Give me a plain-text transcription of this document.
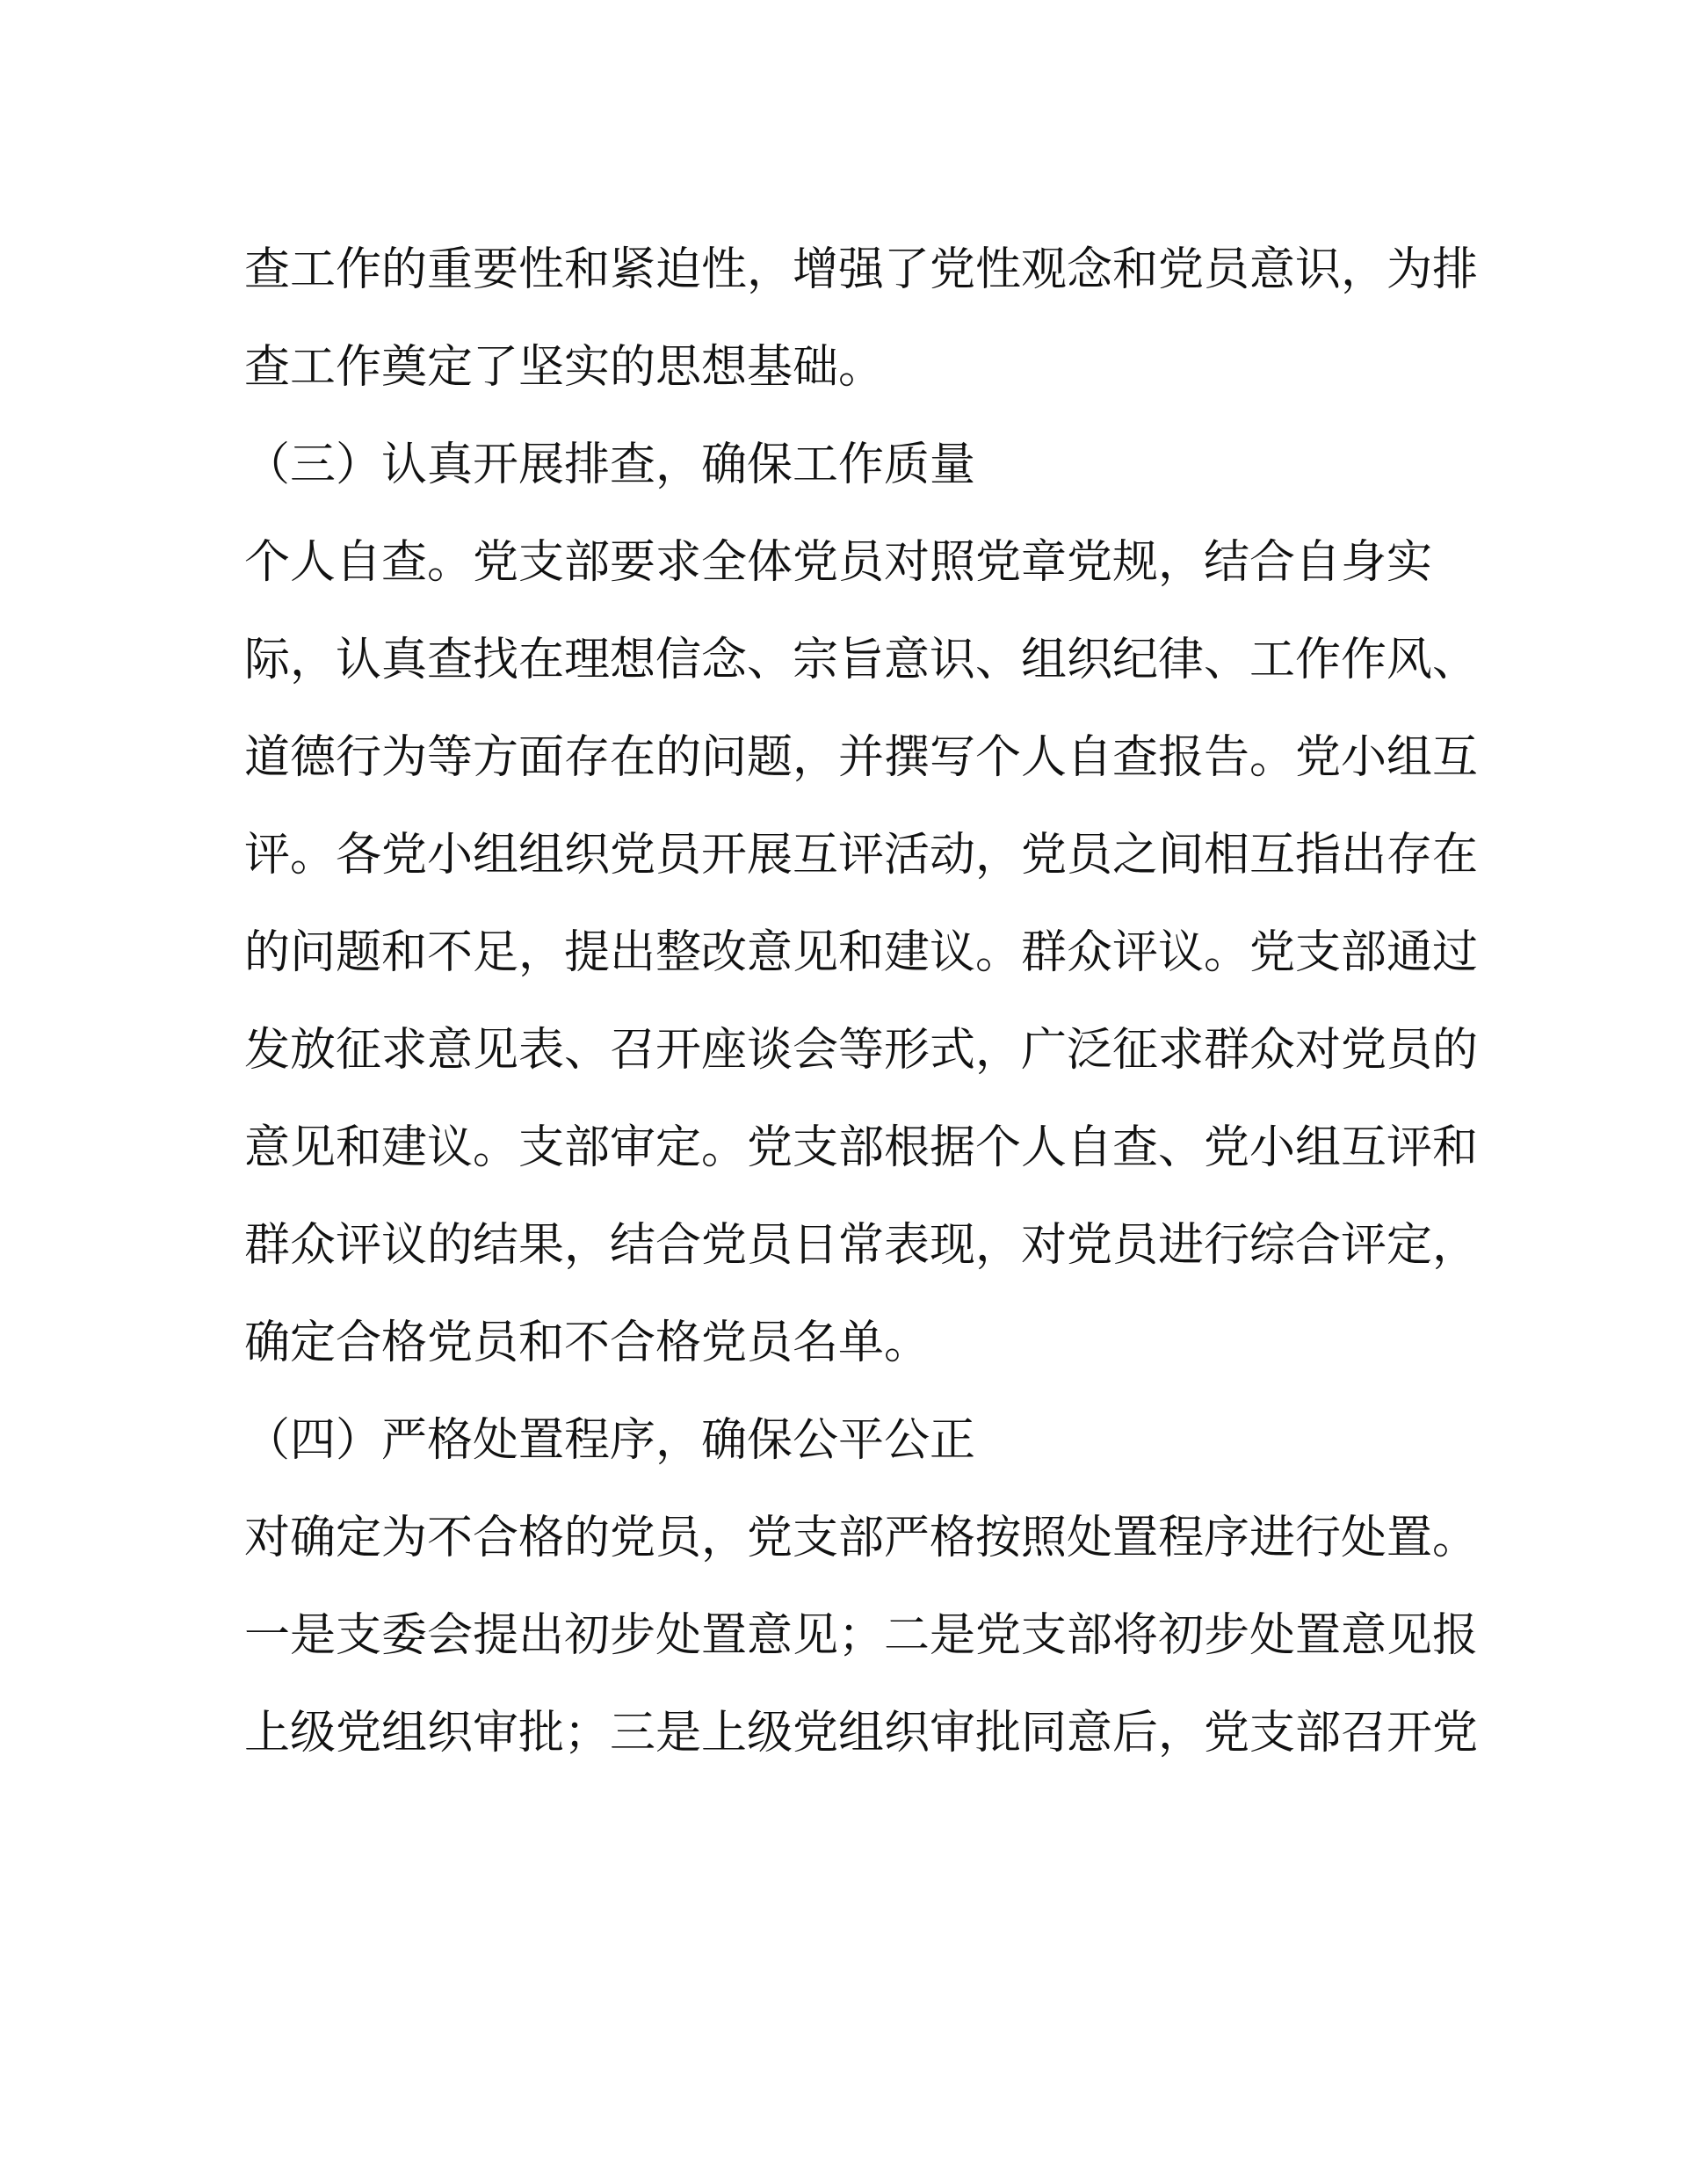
查工作的重要性和紧迫性，增强了党性观念和党员意识，为排
查工作奠定了坚实的思想基础。
（三）认真开展排查，确保工作质量
个人自查。党支部要求全体党员对照党章党规，结合自身实
际，认真查找在理想信念、宗旨意识、组织纪律、工作作风、
道德行为等方面存在的问题，并撰写个人自查报告。党小组互
评。各党小组组织党员开展互评活动，党员之间相互指出存在
的问题和不足，提出整改意见和建议。群众评议。党支部通过
发放征求意见表、召开座谈会等形式，广泛征求群众对党员的
意见和建议。支部审定。党支部根据个人自查、党小组互评和
群众评议的结果，结合党员日常表现，对党员进行综合评定，
确定合格党员和不合格党员名单。
（四）严格处置程序，确保公平公正
对确定为不合格的党员，党支部严格按照处置程序进行处置。
一是支委会提出初步处置意见；二是党支部将初步处置意见报
上级党组织审批；三是上级党组织审批同意后，党支部召开党
